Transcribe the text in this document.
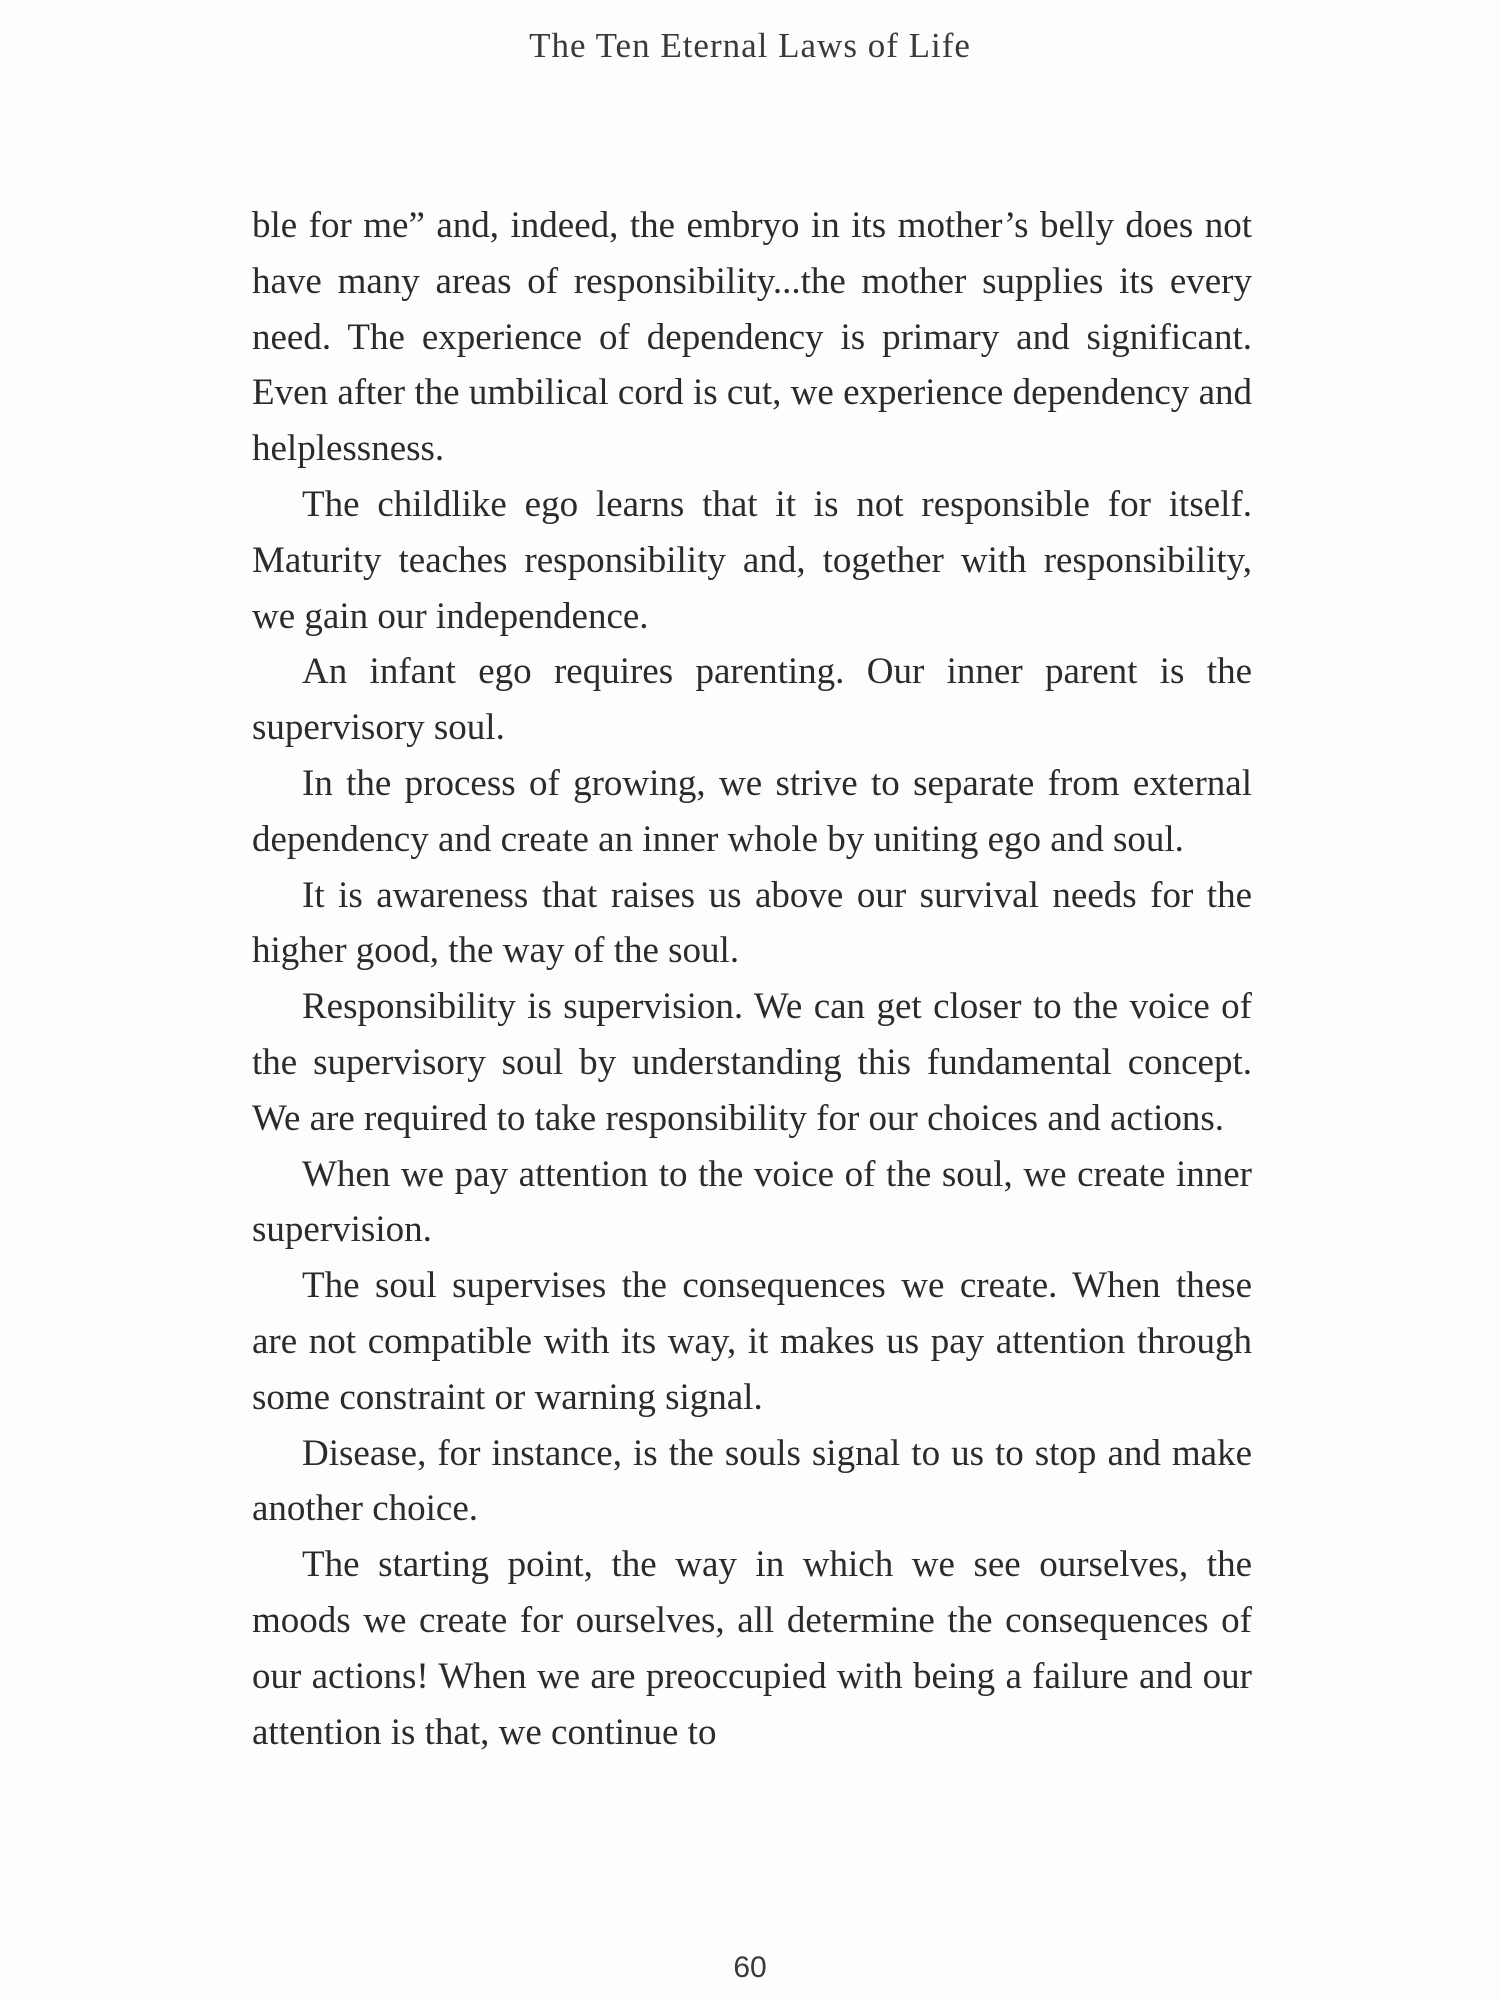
The Ten Eternal Laws of Life

ble for me” and, indeed, the embryo in its mother’s belly does not have many areas of responsibility...the mother supplies its every need. The experience of dependency is primary and significant. Even after the umbilical cord is cut, we experience dependency and helplessness.

The childlike ego learns that it is not responsible for itself. Maturity teaches responsibility and, together with responsibility, we gain our independence.

An infant ego requires parenting. Our inner parent is the supervisory soul.

In the process of growing, we strive to separate from external dependency and create an inner whole by uniting ego and soul.

It is awareness that raises us above our survival needs for the higher good, the way of the soul.

Responsibility is supervision. We can get closer to the voice of the supervisory soul by understanding this fundamental concept. We are required to take responsibility for our choices and actions.

When we pay attention to the voice of the soul, we create inner supervision.

The soul supervises the consequences we create. When these are not compatible with its way, it makes us pay attention through some constraint or warning signal.

Disease, for instance, is the souls signal to us to stop and make another choice.

The starting point, the way in which we see ourselves, the moods we create for ourselves, all determine the consequences of our actions! When we are preoccupied with being a failure and our attention is that, we continue to

60
